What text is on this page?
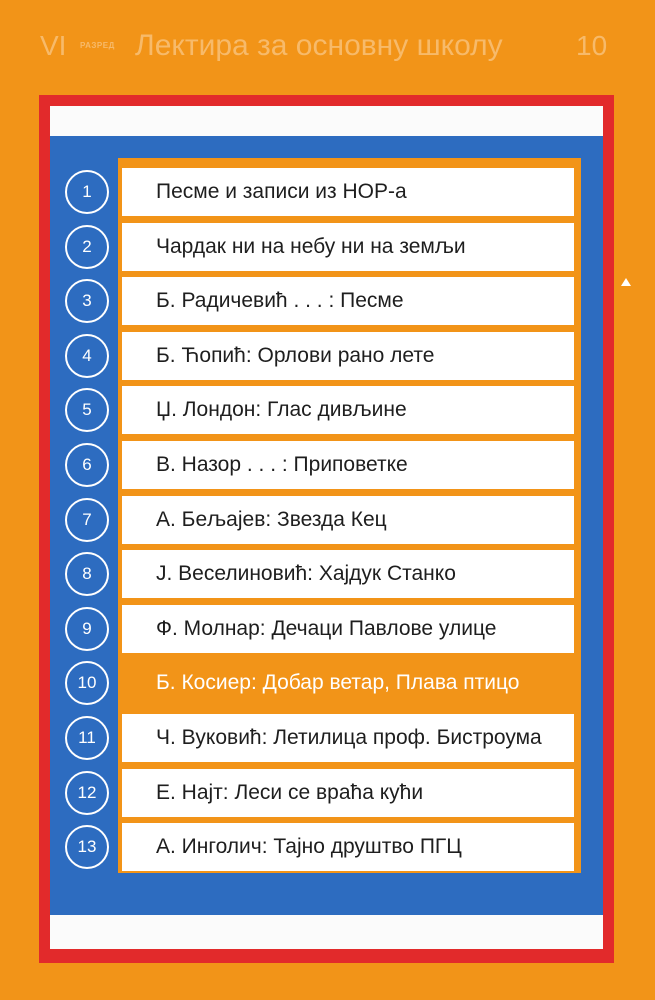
VI РАЗРЕД Лектира за основну школу	10
Песме и записи из НОР-а
Чардак ни на небу ни на земљи
Б. Радичевић . . . : Песме
Б. Ћопић: Орлови рано лете
Џ. Лондон: Глас дивљине
В. Назор . . . : Приповетке
А. Бељајев: Звезда Кец
Ј. Веселиновић: Хајдук Станко
Ф. Молнар: Дечаци Павлове улице
Б. Косиер: Добар ветар, Плава птицо
Ч. Вуковић: Летилица проф. Бистроума
Е. Најт: Леси се враћа кући
А. Инголич: Тајно друштво ПГЦ
1
2
3
4
5
6
7
8
9
10
11
12
13
